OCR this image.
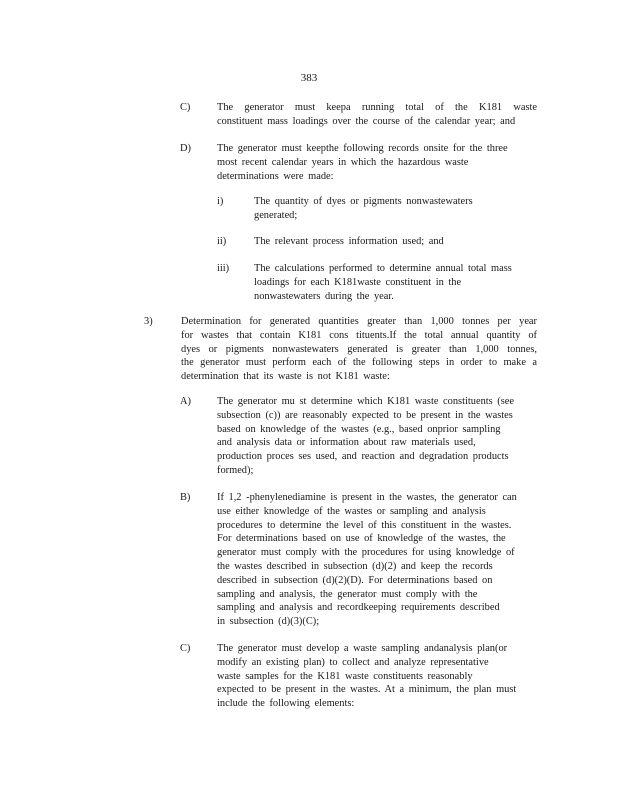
383
C)	The generator must keepa running total of the K181 waste
constituent mass loadings over the course of the calendar year; and
D)	The generator must keepthe following records onsite for the three
most recent calendar years in which the hazardous waste
determinations were made:
i)	The quantity of dyes or pigments nonwastewaters
generated;
ii)	The relevant process information used; and
iii) The calculations performed to determine annual total mass
loadings for each K181waste constituent in the
nonwastewaters during the year.
3)	Determination for generated quantities greater than 1,000 tonnes per year
for wastes that contain K181 cons tituents.If the total annual quantity of
dyes or pigments nonwastewaters generated is greater than 1,000 tonnes,
the generator must perform each of the following steps in order to make a
determination that its waste is not K181 waste:
A)	The generator mu st determine which K181 waste constituents (see
subsection (c)) are reasonably expected to be present in the wastes
based on knowledge of the wastes (e.g., based onprior sampling
and analysis data or information about raw materials used,
production proces ses used, and reaction and degradation products
formed);
B)	If 1,2 -phenylenediamine is present in the wastes, the generator can
use either knowledge of the wastes or sampling and analysis
procedures to determine the level of this constituent in the wastes.
For determinations based on use of knowledge of the wastes, the
generator must comply with the procedures for using knowledge of
the wastes described in subsection (d)(2) and keep the records
described in subsection (d)(2)(D). For determinations based on
sampling and analysis, the generator must comply with the
sampling and analysis and recordkeeping requirements described
in subsection (d)(3)(C);
C)	The generator must develop a waste sampling andanalysis plan(or
modify an existing plan) to collect and analyze representative
waste samples for the K181 waste constituents reasonably
expected to be present in the wastes. At a minimum, the plan must
include the following elements:
